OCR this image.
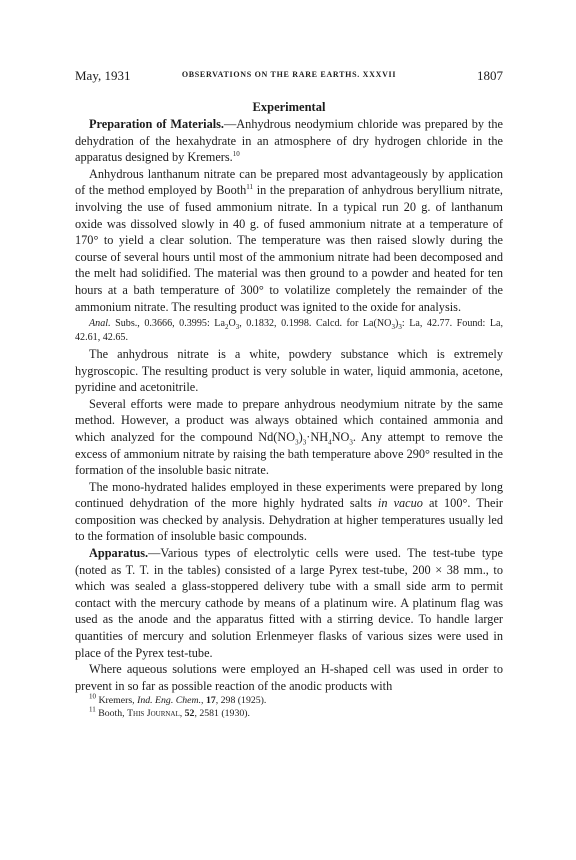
May, 1931	OBSERVATIONS ON THE RARE EARTHS. XXXVII	1807
Experimental

Preparation of Materials.—Anhydrous neodymium chloride was prepared by the dehydration of the hexahydrate in an atmosphere of dry hydrogen chloride in the apparatus designed by Kremers.$^{10}$

Anhydrous lanthanum nitrate can be prepared most advantageously by application of the method employed by Booth$^{11}$ in the preparation of anhydrous beryllium nitrate, involving the use of fused ammonium nitrate. In a typical run 20 g. of lanthanum oxide was dissolved slowly in 40 g. of fused ammonium nitrate at a temperature of 170° to yield a clear solution. The temperature was then raised slowly during the course of several hours until most of the ammonium nitrate had been decomposed and the melt had solidified. The material was then ground to a powder and heated for ten hours at a bath temperature of 300° to volatilize completely the remainder of the ammonium nitrate. The resulting product was ignited to the oxide for analysis.

Anal. Subs., 0.3666, 0.3995: $La_2O_3$, 0.1832, 0.1998. Calcd. for $La(NO_3)_3$: La, 42.77. Found: La, 42.61, 42.65.

The anhydrous nitrate is a white, powdery substance which is extremely hygroscopic. The resulting product is very soluble in water, liquid ammonia, acetone, pyridine and acetonitrile.

Several efforts were made to prepare anhydrous neodymium nitrate by the same method. However, a product was always obtained which contained ammonia and which analyzed for the compound $Nd(NO_3)_3\cdot NH_4NO_3$. Any attempt to remove the excess of ammonium nitrate by raising the bath temperature above 290° resulted in the formation of the insoluble basic nitrate.

The mono-hydrated halides employed in these experiments were prepared by long continued dehydration of the more highly hydrated salts in vacuo at 100°. Their composition was checked by analysis. Dehydration at higher temperatures usually led to the formation of insoluble basic compounds.

Apparatus.—Various types of electrolytic cells were used. The test-tube type (noted as T. T. in the tables) consisted of a large Pyrex test-tube, 200 × 38 mm., to which was sealed a glass-stoppered delivery tube with a small side arm to permit contact with the mercury cathode by means of a platinum wire. A platinum flag was used as the anode and the apparatus fitted with a stirring device. To handle larger quantities of mercury and solution Erlenmeyer flasks of various sizes were used in place of the Pyrex test-tube.

Where aqueous solutions were employed an H-shaped cell was used in order to prevent in so far as possible reaction of the anodic products with

$^{10}$ Kremers, Ind. Eng. Chem., 17, 298 (1925).
$^{11}$ Booth, This Journal, 52, 2581 (1930).
